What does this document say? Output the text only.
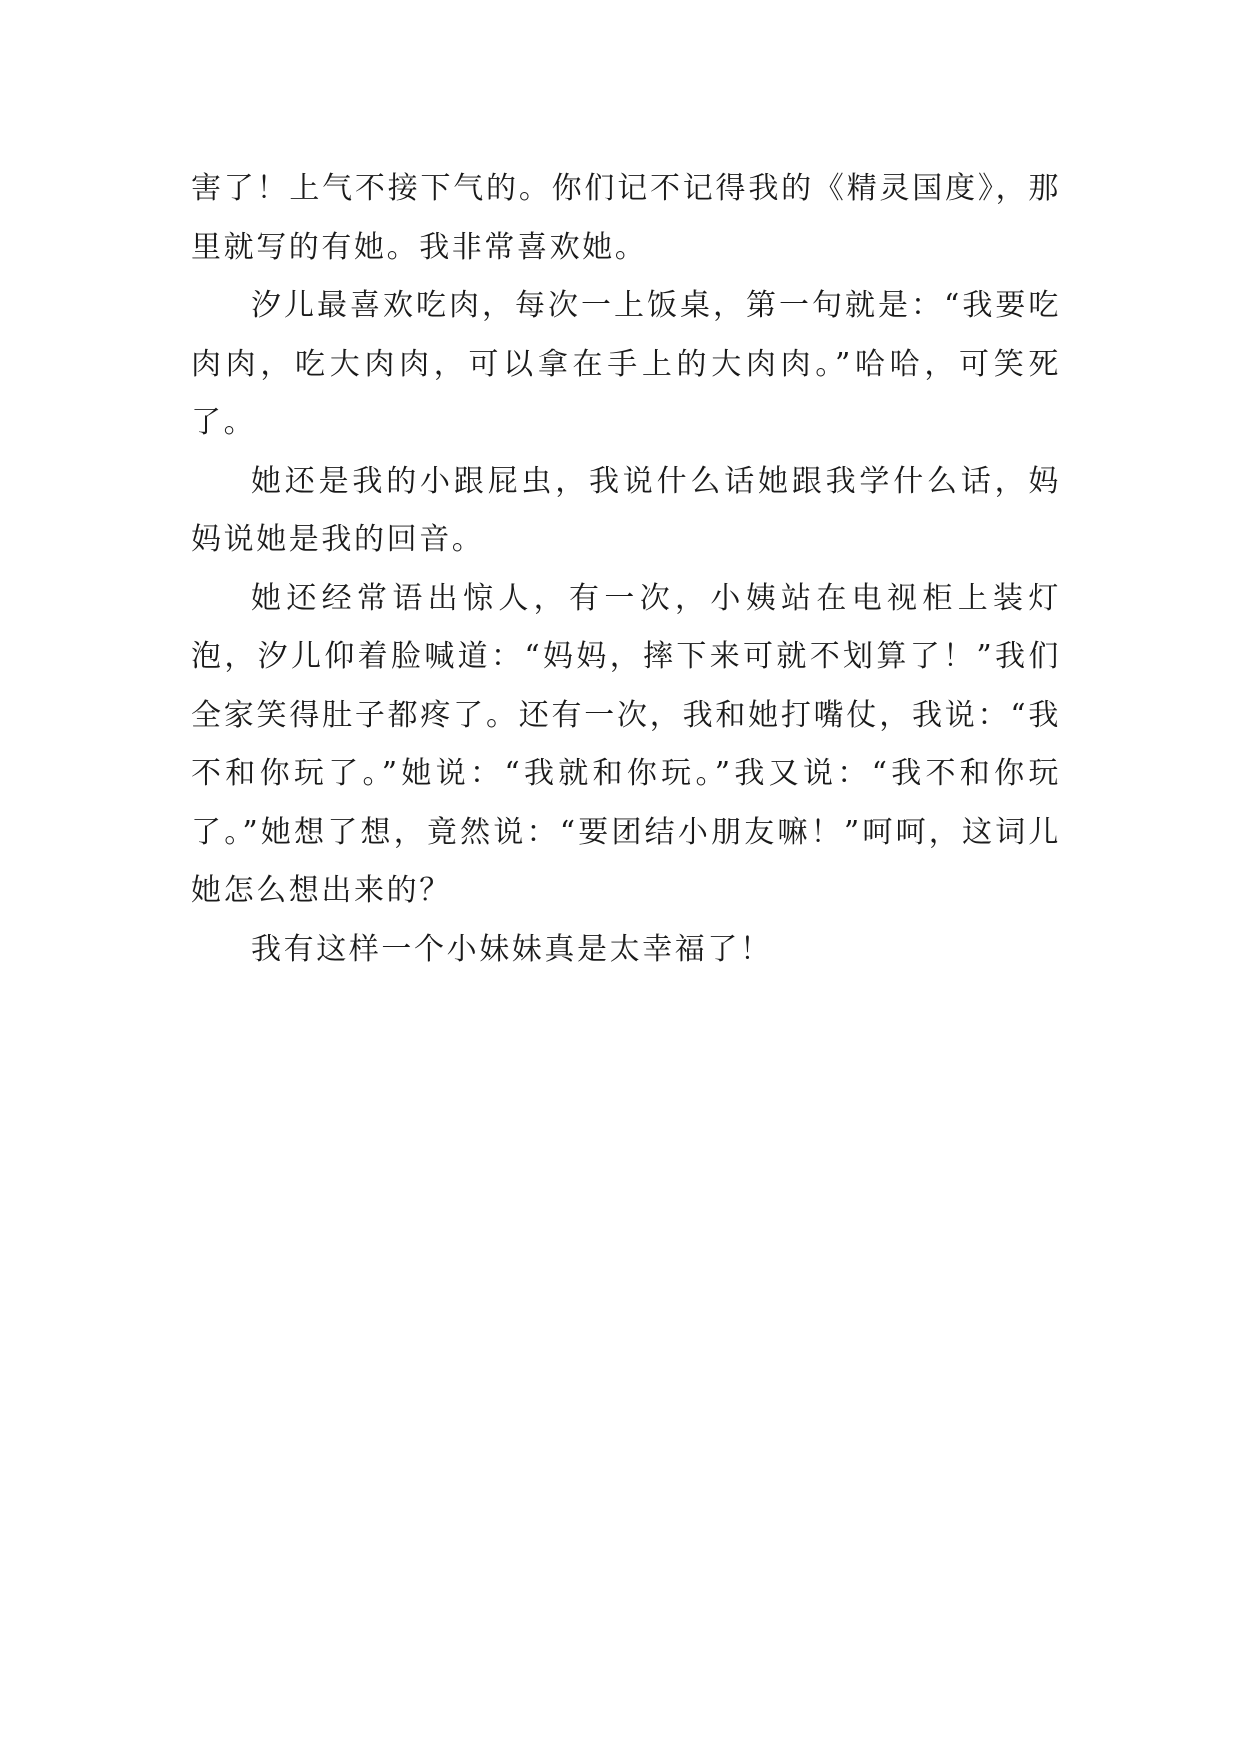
害了！上气不接下气的。你们记不记得我的《精灵国度》，那里就写的有她。我非常喜欢她。

汐儿最喜欢吃肉，每次一上饭桌，第一句就是：“我要吃肉肉，吃大肉肉，可以拿在手上的大肉肉。”哈哈，可笑死了。

她还是我的小跟屁虫，我说什么话她跟我学什么话，妈妈说她是我的回音。

她还经常语出惊人，有一次，小姨站在电视柜上装灯泡，汐儿仰着脸喊道：“妈妈，摔下来可就不划算了！”我们全家笑得肚子都疼了。还有一次，我和她打嘴仗，我说：“我不和你玩了。”她说：“我就和你玩。”我又说：“我不和你玩了。”她想了想，竟然说：“要团结小朋友嘛！”呵呵，这词儿她怎么想出来的？

我有这样一个小妹妹真是太幸福了！
